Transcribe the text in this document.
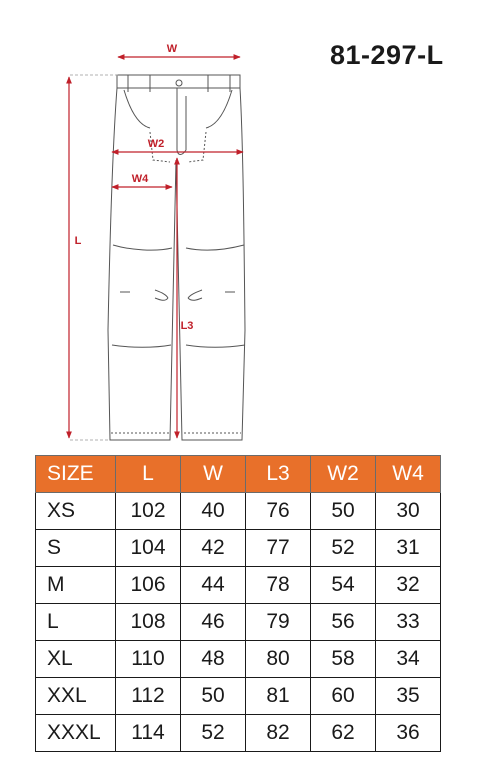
81-297-L
W
W2
W4
L
L3
SIZE	L	W	L3	W2	W4
XS	102	40	76	50	30
S	104	42	77	52	31
M	106	44	78	54	32
L	108	46	79	56	33
XL	110	48	80	58	34
XXL	112	50	81	60	35
XXXL	114	52	82	62	36
